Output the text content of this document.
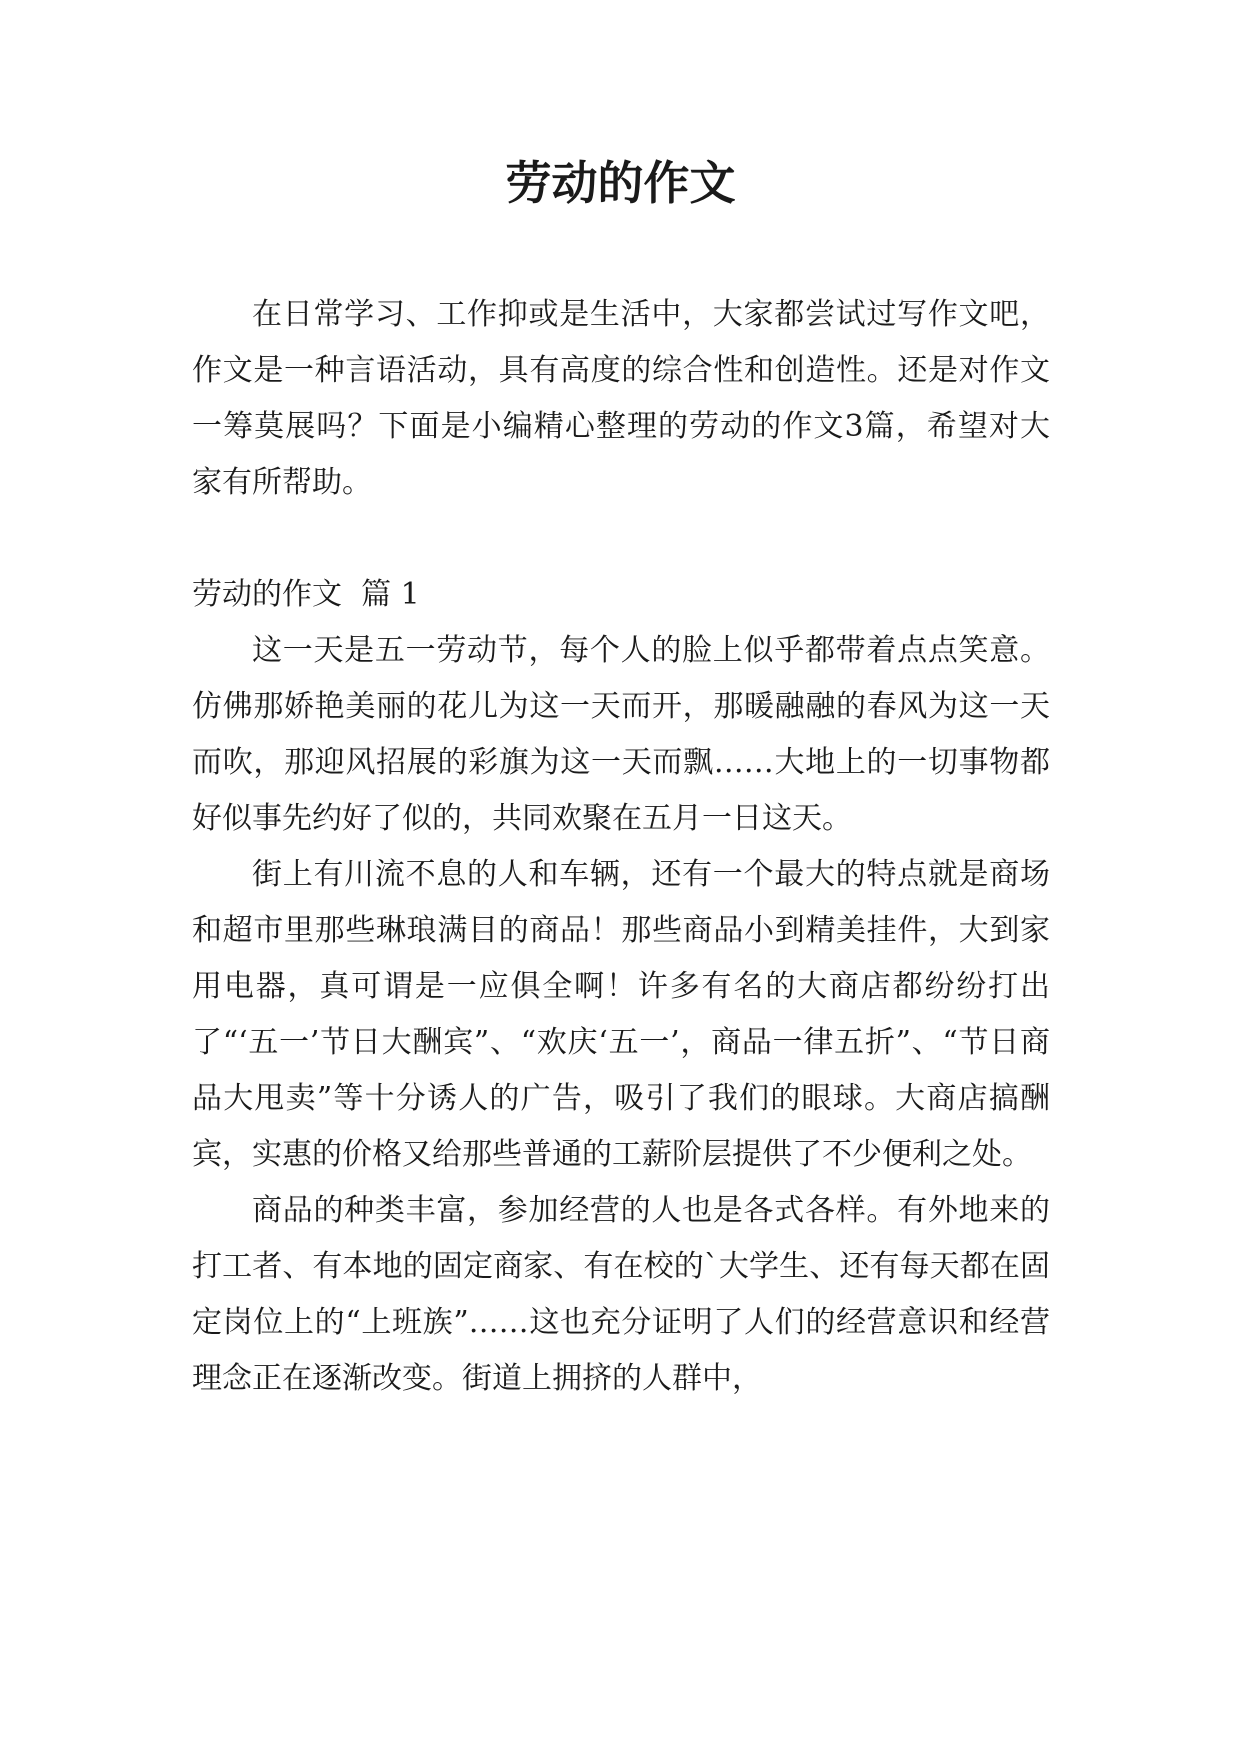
劳动的作文

在日常学习、工作抑或是生活中，大家都尝试过写作文吧，作文是一种言语活动，具有高度的综合性和创造性。还是对作文一筹莫展吗？下面是小编精心整理的劳动的作文3篇，希望对大家有所帮助。

劳动的作文  篇 1

这一天是五一劳动节，每个人的脸上似乎都带着点点笑意。仿佛那娇艳美丽的花儿为这一天而开，那暖融融的春风为这一天而吹，那迎风招展的彩旗为这一天而飘……大地上的一切事物都好似事先约好了似的，共同欢聚在五月一日这天。

街上有川流不息的人和车辆，还有一个最大的特点就是商场和超市里那些琳琅满目的商品！那些商品小到精美挂件，大到家用电器，真可谓是一应俱全啊！许多有名的大商店都纷纷打出了“‘五一’节日大酬宾”、“欢庆‘五一’，商品一律五折”、“节日商品大甩卖”等十分诱人的广告，吸引了我们的眼球。大商店搞酬宾，实惠的价格又给那些普通的工薪阶层提供了不少便利之处。

商品的种类丰富，参加经营的人也是各式各样。有外地来的打工者、有本地的固定商家、有在校的`大学生、还有每天都在固定岗位上的“上班族”……这也充分证明了人们的经营意识和经营理念正在逐渐改变。街道上拥挤的人群中，
